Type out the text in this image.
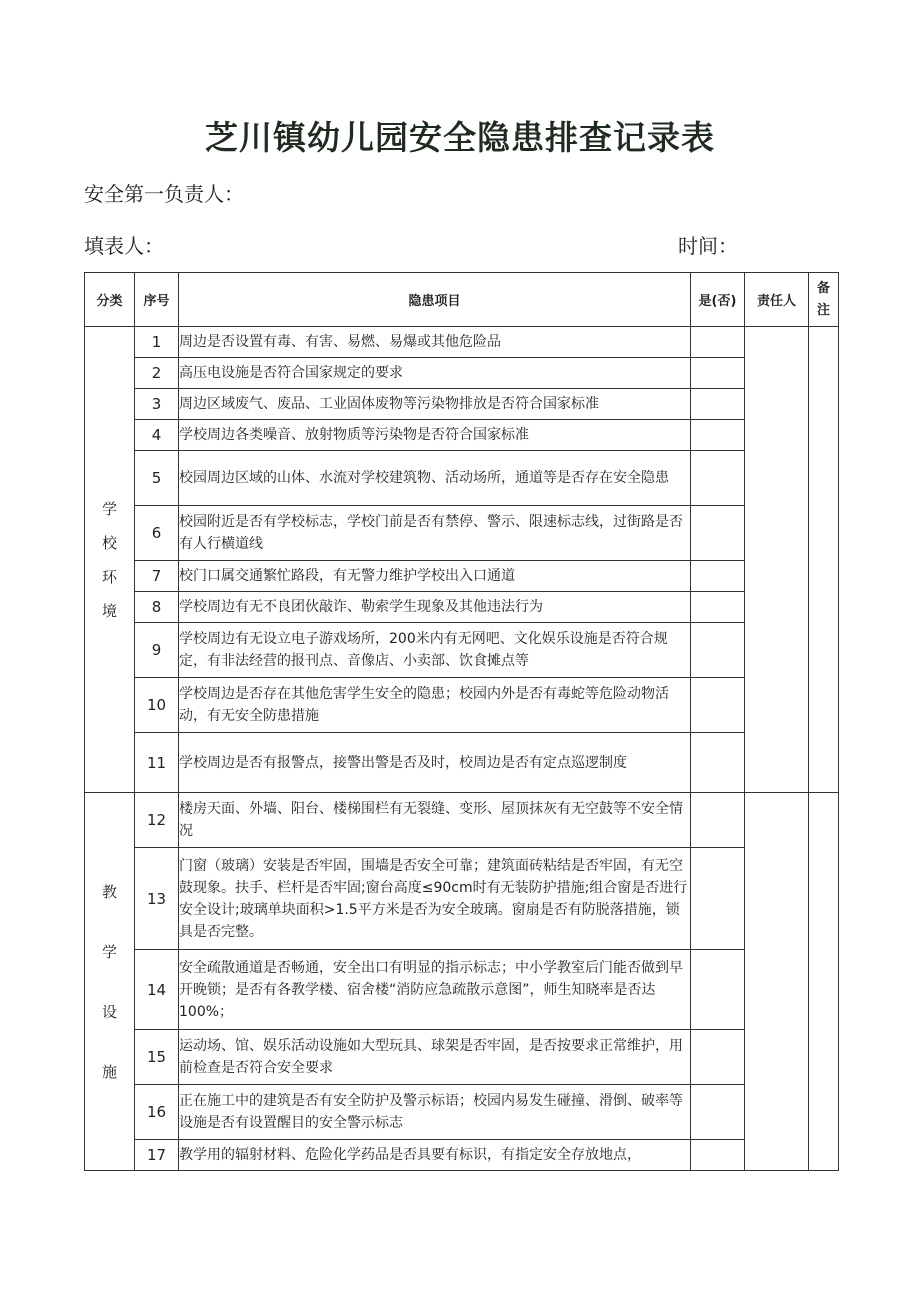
芝川镇幼儿园安全隐患排查记录表
安全第一负责人：
填表人：	时间：
分类	序号	隐患项目	是(否)	责任人	备注
学校环境	1	周边是否设置有毒、有害、易燃、易爆或其他危险品			
	2	高压电设施是否符合国家规定的要求			
	3	周边区域废气、废品、工业固体废物等污染物排放是否符合国家标准			
	4	学校周边各类噪音、放射物质等污染物是否符合国家标准			
	5	校园周边区域的山体、水流对学校建筑物、活动场所，通道等是否存在安全隐患			
	6	校园附近是否有学校标志，学校门前是否有禁停、警示、限速标志线，过街路是否有人行横道线			
	7	校门口属交通繁忙路段，有无警力维护学校出入口通道			
	8	学校周边有无不良团伙敲诈、勒索学生现象及其他违法行为			
	9	学校周边有无设立电子游戏场所，200米内有无网吧、文化娱乐设施是否符合规定，有非法经营的报刊点、音像店、小卖部、饮食摊点等			
	10	学校周边是否存在其他危害学生安全的隐患；校园内外是否有毒蛇等危险动物活动，有无安全防患措施			
	11	学校周边是否有报警点，接警出警是否及时，校周边是否有定点巡逻制度			
教学设施	12	楼房天面、外墙、阳台、楼梯围栏有无裂缝、变形、屋顶抹灰有无空鼓等不安全情况			
	13	门窗（玻璃）安装是否牢固，围墙是否安全可靠；建筑面砖粘结是否牢固，有无空鼓现象。扶手、栏杆是否牢固;窗台高度≤90cm时有无装防护措施;组合窗是否进行安全设计;玻璃单块面积>1.5平方米是否为安全玻璃。窗扇是否有防脱落措施，锁具是否完整。			
	14	安全疏散通道是否畅通，安全出口有明显的指示标志；中小学教室后门能否做到早开晚锁；是否有各教学楼、宿舍楼“消防应急疏散示意图”，师生知晓率是否达100%；			
	15	运动场、馆、娱乐活动设施如大型玩具、球架是否牢固，是否按要求正常维护，用前检查是否符合安全要求			
	16	正在施工中的建筑是否有安全防护及警示标语；校园内易发生碰撞、滑倒、破率等设施是否有设置醒目的安全警示标志			
	17	教学用的辐射材料、危险化学药品是否具要有标识，有指定安全存放地点，			
